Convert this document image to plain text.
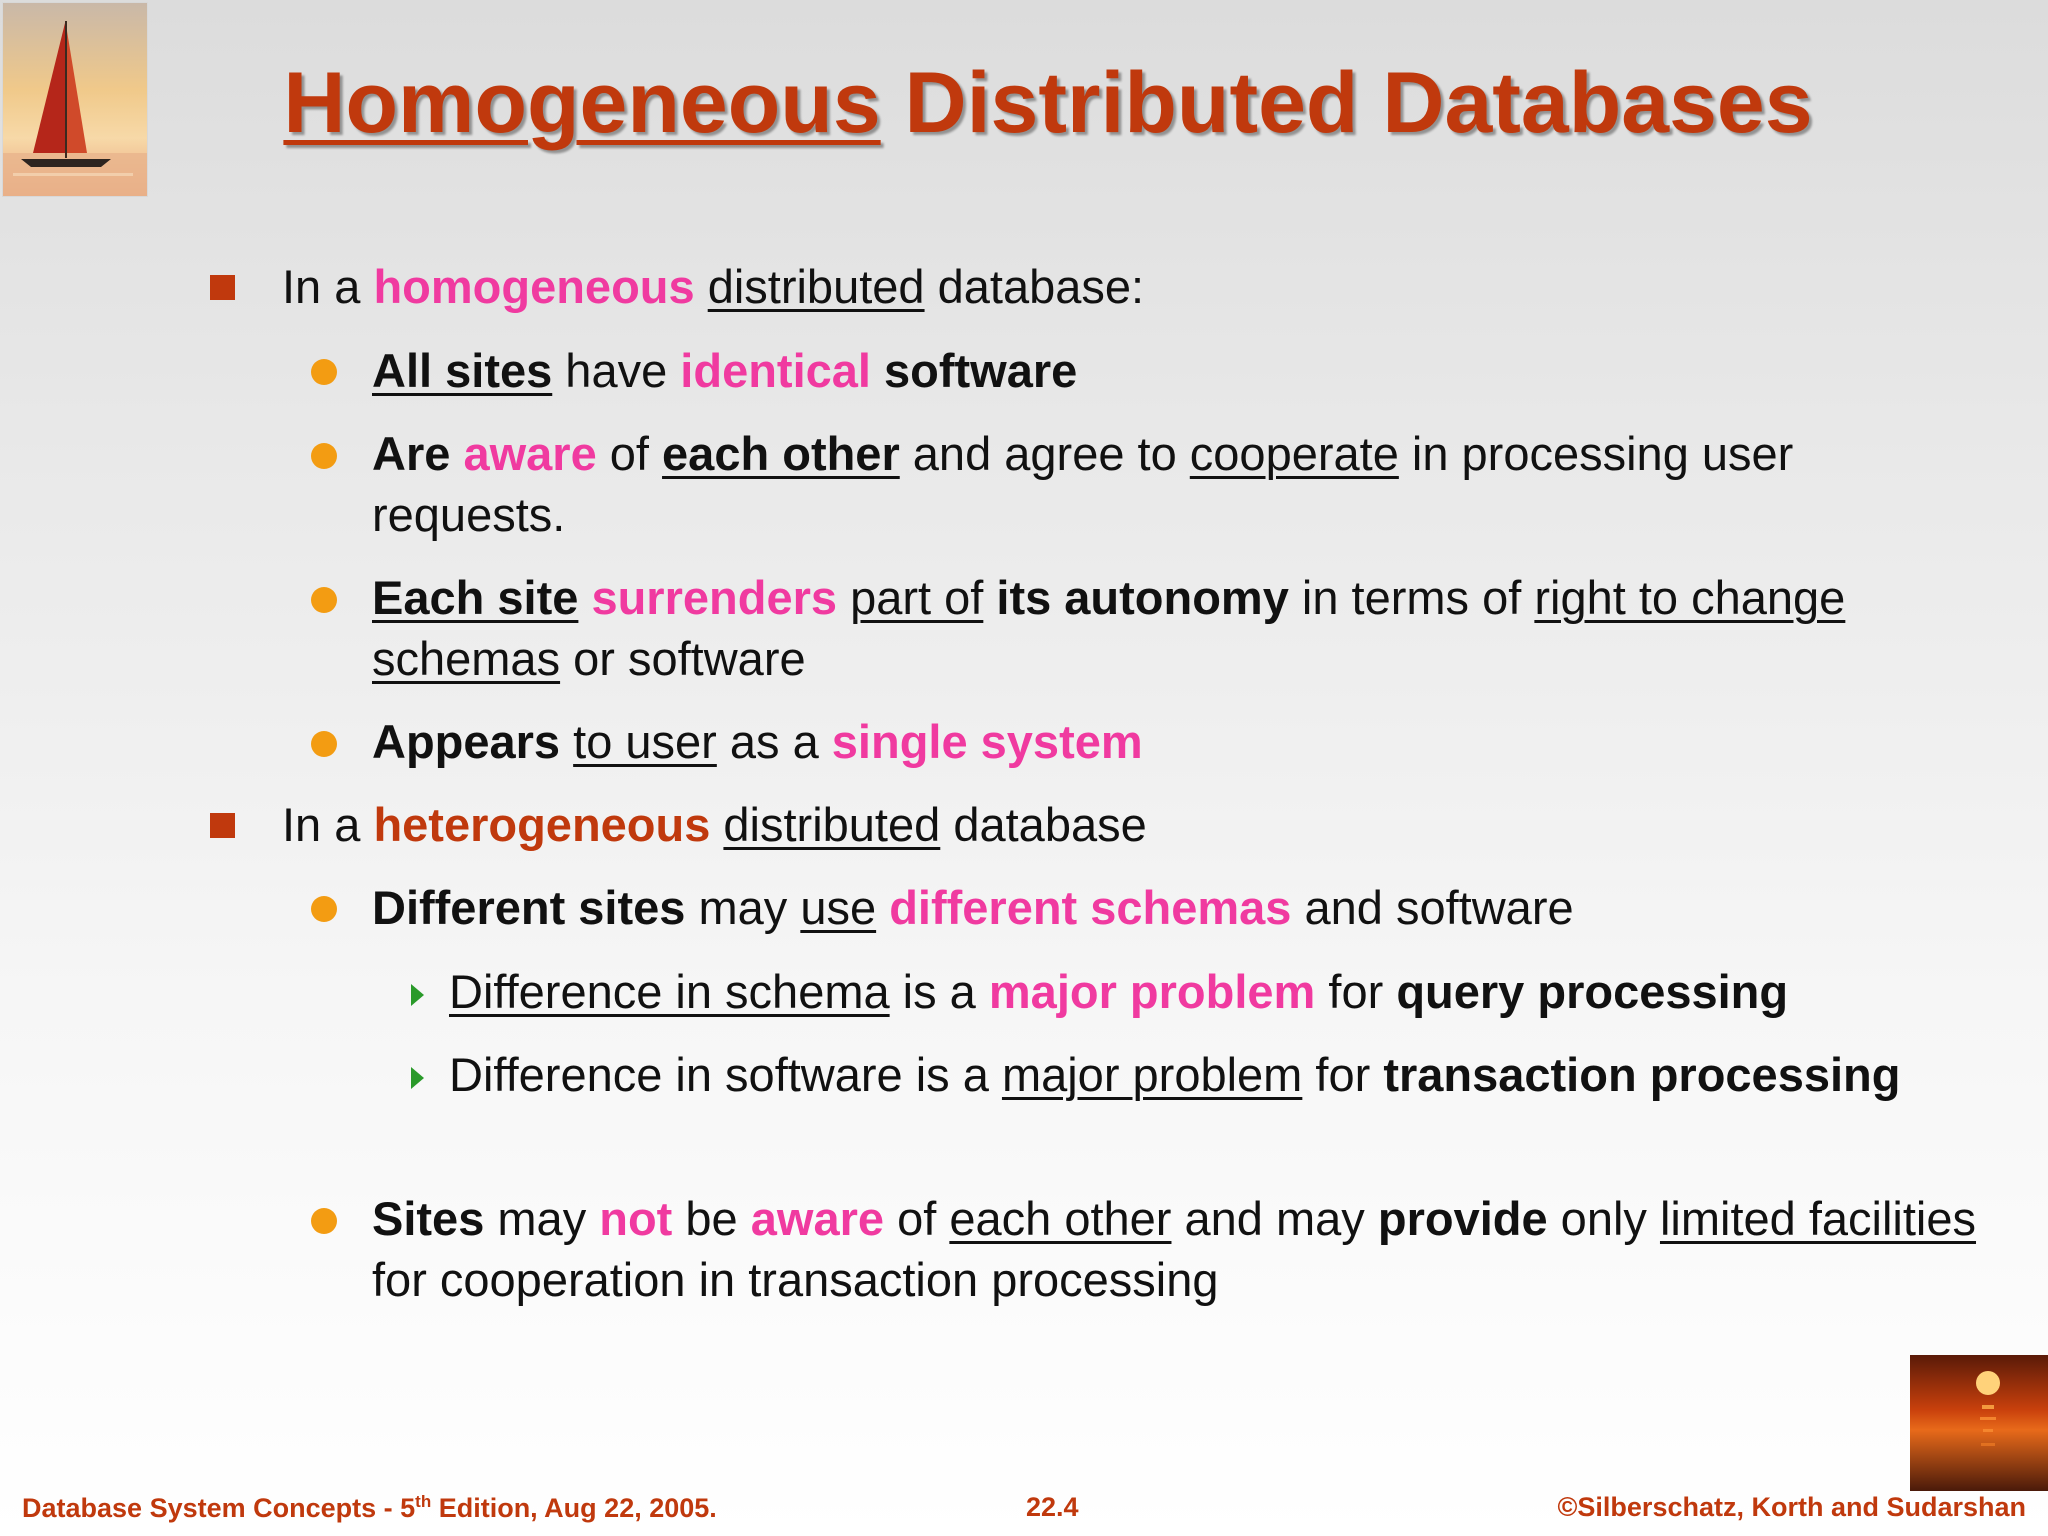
Homogeneous Distributed Databases
In a homogeneous distributed database:
All sites have identical software
Are aware of each other and agree to cooperate in processing user requests.
Each site surrenders part of its autonomy in terms of right to change schemas or software
Appears to user as a single system
In a heterogeneous distributed database
Different sites may use different schemas and software
Difference in schema is a major problem for query processing
Difference in software is a major problem for transaction processing
Sites may not be aware of each other and may provide only limited facilities for cooperation in transaction processing
Database System Concepts - 5th Edition, Aug 22, 2005.	22.4	©Silberschatz, Korth and Sudarshan
